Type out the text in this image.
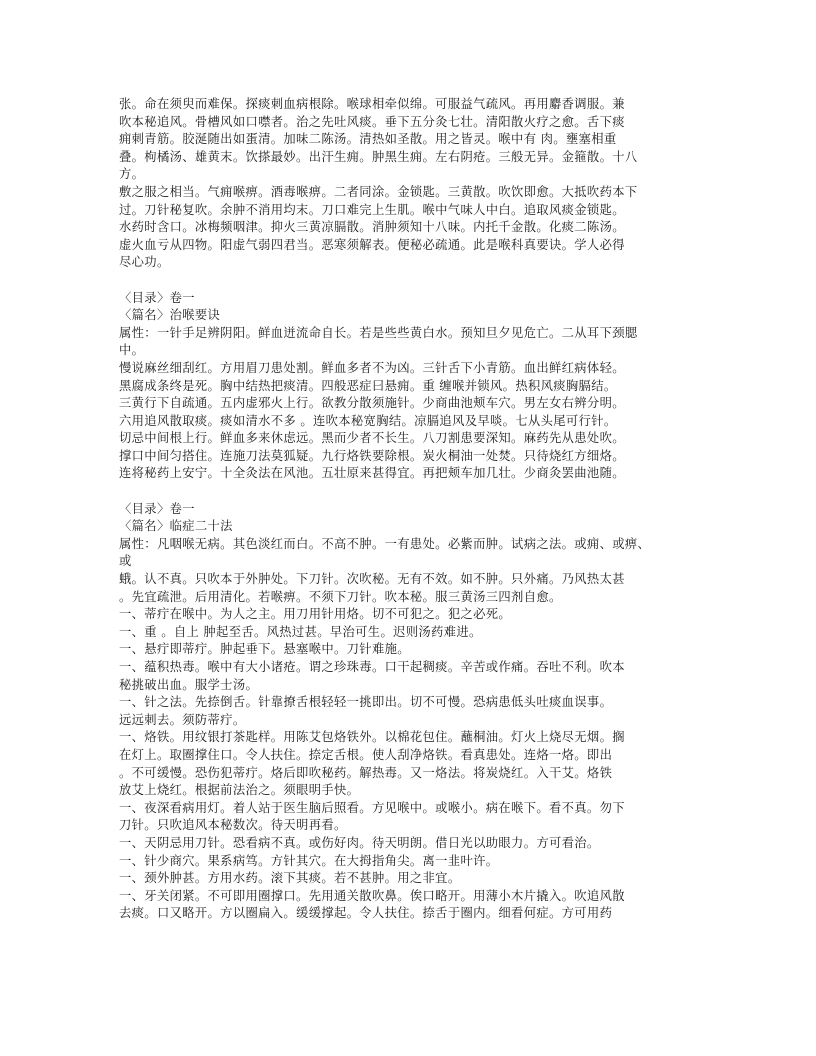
张。命在须臾而难保。探痰刺血病根除。喉球相牵似绵。可服益气疏风。再用麝香调服。兼
吹本秘追风。骨槽风如口噤者。治之先吐风痰。垂下五分灸七壮。清阳散火疗之愈。舌下痰
痈刺青筋。胶涎随出如蛋清。加味二陈汤。清热如圣散。用之皆灵。喉中有 肉。壅塞相重
叠。枸橘汤、雄黄末。饮搽最妙。出汗生痈。肿黑生痈。左右阴疮。三般无异。金箍散。十八
方。
敷之服之相当。气痈喉痹。酒毒喉痹。二者同涂。金锁匙。三黄散。吹饮即愈。大抵吹药本下
过。刀针秘复吹。余肿不消用均末。刀口难完上生肌。喉中气味人中白。追取风痰金锁匙。
水药时含口。冰梅频咽津。抑火三黄凉膈散。消肿须知十八味。内托千金散。化痰二陈汤。
虚火血亏从四物。阳虚气弱四君当。恶寒须解表。便秘必疏通。此是喉科真要诀。学人必得
尽心功。
〈目录〉卷一
〈篇名〉治喉要诀
属性：一针手足辨阴阳。鲜血迸流命自长。若是些些黄白水。预知旦夕见危亡。二从耳下颈腮
中。
慢说麻丝细刮红。方用眉刀患处割。鲜血多者不为凶。三针舌下小青筋。血出鲜红病体轻。
黑腐成条终是死。胸中结热把痰清。四般恶症曰悬痈。重 缠喉并锁风。热积风痰胸膈结。
三黄行下自疏通。五内虚邪火上行。欲教分散须施针。少商曲池颊车穴。男左女右辨分明。
六用追风散取痰。痰如清水不多 。连吹本秘宽胸结。凉膈追风及早啖。七从头尾可行针。
切忌中间根上行。鲜血多来休虑远。黑而少者不长生。八刀割患要深知。麻药先从患处吹。
撑口中间匀搭住。连施刀法莫狐疑。九行烙铁要除根。炭火桐油一处焚。只待烧红方细烙。
连将秘药上安宁。十全灸法在风池。五壮原来甚得宜。再把颊车加几壮。少商灸罢曲池随。
〈目录〉卷一
〈篇名〉临症二十法
属性：凡咽喉无病。其色淡红而白。不高不肿。一有患处。必紫而肿。试病之法。或痈、或痹、
或
蛾。认不真。只吹本于外肿处。下刀针。次吹秘。无有不效。如不肿。只外痛。乃风热太甚
。先宜疏泄。后用清化。若喉痹。不须下刀针。吹本秘。服三黄汤三四剂自愈。
一、蒂疔在喉中。为人之主。用刀用针用烙。切不可犯之。犯之必死。
一、重 。自上 肿起至舌。风热过甚。早治可生。迟则汤药难进。
一、悬疔即蒂疔。肿起垂下。悬塞喉中。刀针难施。
一、蕴积热毒。喉中有大小诸疮。谓之珍珠毒。口干起稠痰。辛苦或作痛。吞吐不利。吹本
秘挑破出血。服学士汤。
一、针之法。先捺倒舌。针靠撩舌根轻轻一挑即出。切不可慢。恐病患低头吐痰血误事。
远远刺去。须防蒂疔。
一、烙铁。用纹银打茶匙样。用陈艾包烙铁外。以棉花包住。蘸桐油。灯火上烧尽无烟。搁
在灯上。取圈撑住口。令人扶住。捺定舌根。使人刮净烙铁。看真患处。连烙一烙。即出
。不可缓慢。恐伤犯蒂疔。烙后即吹秘药。解热毒。又一烙法。将炭烧红。入干艾。烙铁
放艾上烧红。根据前法治之。须眼明手快。
一、夜深看病用灯。着人站于医生脑后照看。方见喉中。或喉小。病在喉下。看不真。勿下
刀针。只吹追风本秘数次。待天明再看。
一、天阴忌用刀针。恐看病不真。或伤好肉。待天明朗。借日光以助眼力。方可看治。
一、针少商穴。果系病笃。方针其穴。在大拇指角尖。离一韭叶许。
一、颈外肿甚。方用水药。滚下其痰。若不甚肿。用之非宜。
一、牙关闭紧。不可即用圈撑口。先用通关散吹鼻。俟口略开。用薄小木片撬入。吹追风散
去痰。口又略开。方以圈扁入。缓缓撑起。令人扶住。捺舌于圈内。细看何症。方可用药
